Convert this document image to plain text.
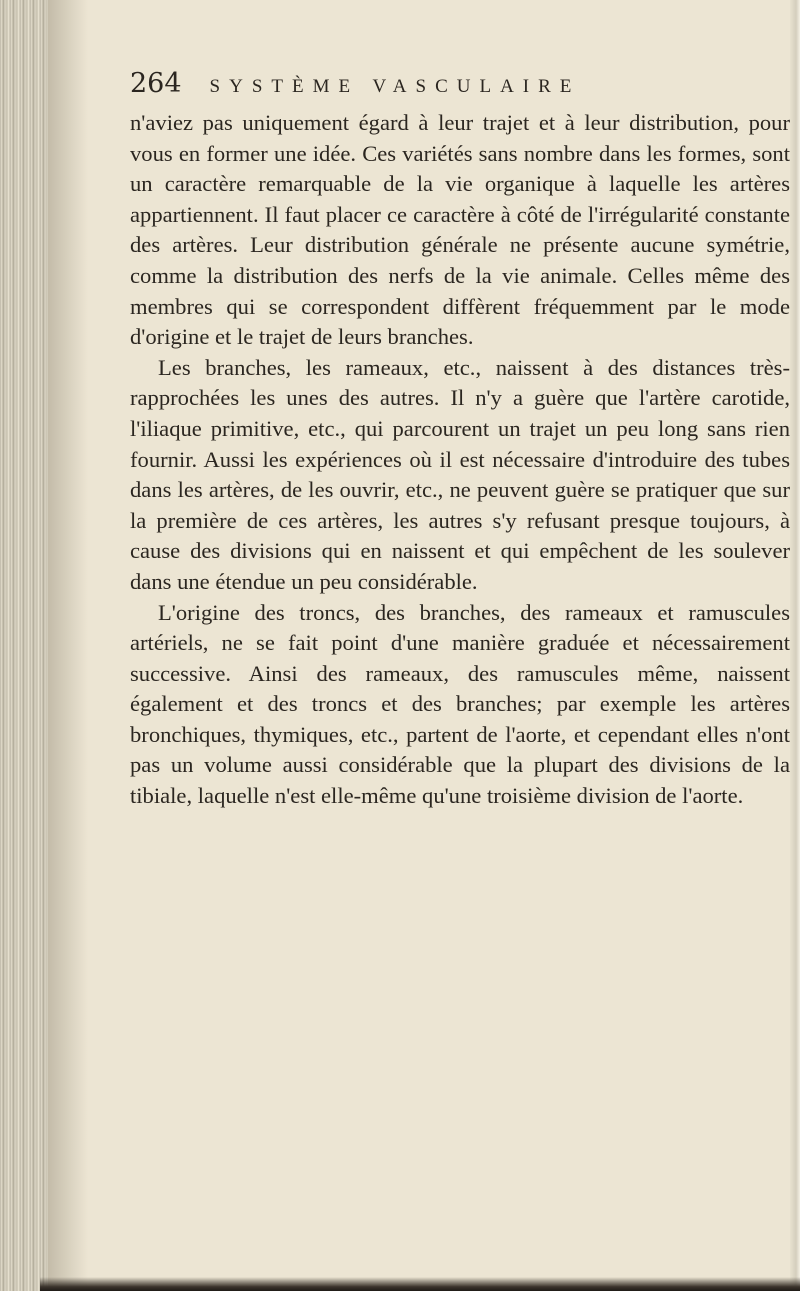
264 SYSTÈME VASCULAIRE

n'aviez pas uniquement égard à leur trajet et à leur distribution, pour vous en former une idée. Ces variétés sans nombre dans les formes, sont un caractère remarquable de la vie organique à laquelle les artères appartiennent. Il faut placer ce caractère à côté de l'irrégularité constante des artères. Leur distribution générale ne présente aucune symétrie, comme la distribution des nerfs de la vie animale. Celles même des membres qui se correspondent diffèrent fréquemment par le mode d'origine et le trajet de leurs branches.

Les branches, les rameaux, etc., naissent à des distances très-rapprochées les unes des autres. Il n'y a guère que l'artère carotide, l'iliaque primitive, etc., qui parcourent un trajet un peu long sans rien fournir. Aussi les expériences où il est nécessaire d'introduire des tubes dans les artères, de les ouvrir, etc., ne peuvent guère se pratiquer que sur la première de ces artères, les autres s'y refusant presque toujours, à cause des divisions qui en naissent et qui empêchent de les soulever dans une étendue un peu considérable.

L'origine des troncs, des branches, des rameaux et ramuscules artériels, ne se fait point d'une manière graduée et nécessairement successive. Ainsi des rameaux, des ramuscules même, naissent également et des troncs et des branches; par exemple les artères bronchiques, thymiques, etc., partent de l'aorte, et cependant elles n'ont pas un volume aussi considérable que la plupart des divisions de la tibiale, laquelle n'est elle-même qu'une troisième division de l'aorte.
